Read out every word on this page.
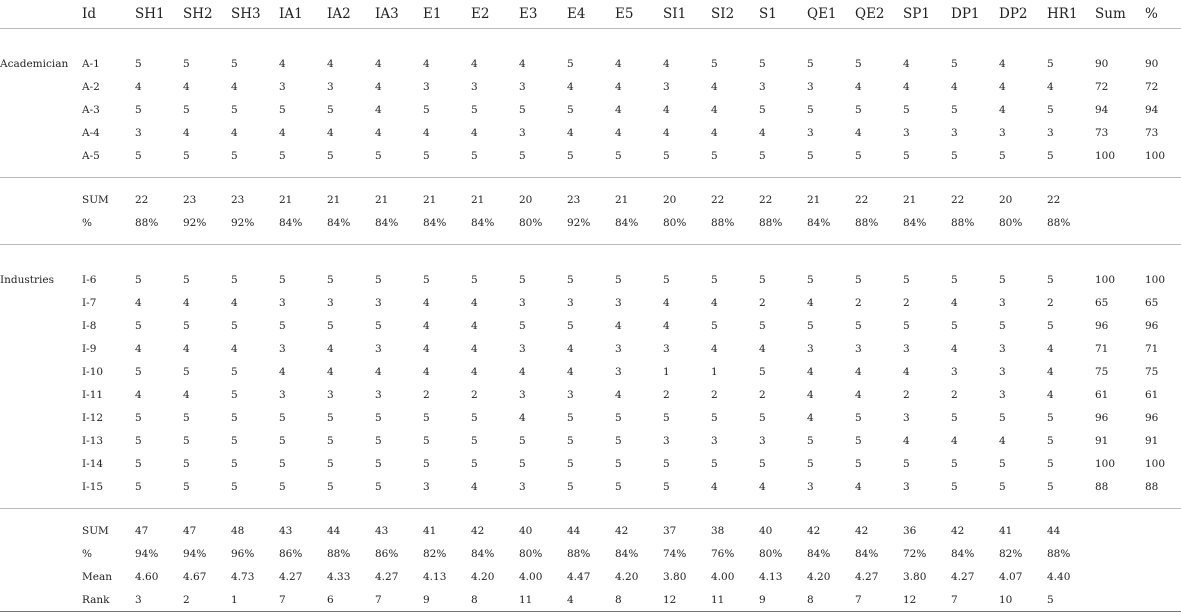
	Id	SH1	SH2	SH3	IA1	IA2	IA3	E1	E2	E3	E4	E5	SI1	SI2	S1	QE1	QE2	SP1	DP1	DP2	HR1	Sum	%

Academician	A-1	5	5	5	4	4	4	4	4	4	5	4	4	5	5	5	5	4	5	4	5	90	90
	A-2	4	4	4	3	3	4	3	3	3	4	4	3	4	3	3	4	4	4	4	4	72	72
	A-3	5	5	5	5	5	4	5	5	5	5	4	4	4	5	5	5	5	5	4	5	94	94
	A-4	3	4	4	4	4	4	4	4	3	4	4	4	4	4	3	4	3	3	3	3	73	73
	A-5	5	5	5	5	5	5	5	5	5	5	5	5	5	5	5	5	5	5	5	5	100	100

	SUM	22	23	23	21	21	21	21	21	20	23	21	20	22	22	21	22	21	22	20	22		
	%	88%	92%	92%	84%	84%	84%	84%	84%	80%	92%	84%	80%	88%	88%	84%	88%	84%	88%	80%	88%		

Industries	I-6	5	5	5	5	5	5	5	5	5	5	5	5	5	5	5	5	5	5	5	5	100	100
	I-7	4	4	4	3	3	3	4	4	3	3	3	4	4	2	4	2	2	4	3	2	65	65
	I-8	5	5	5	5	5	5	4	4	5	5	4	4	5	5	5	5	5	5	5	5	96	96
	I-9	4	4	4	3	4	3	4	4	3	4	3	3	4	4	3	3	3	4	3	4	71	71
	I-10	5	5	5	4	4	4	4	4	4	4	3	1	1	5	4	4	4	3	3	4	75	75
	I-11	4	4	5	3	3	3	2	2	3	3	4	2	2	2	4	4	2	2	3	4	61	61
	I-12	5	5	5	5	5	5	5	5	4	5	5	5	5	5	4	5	3	5	5	5	96	96
	I-13	5	5	5	5	5	5	5	5	5	5	5	3	3	3	5	5	4	4	4	5	91	91
	I-14	5	5	5	5	5	5	5	5	5	5	5	5	5	5	5	5	5	5	5	5	100	100
	I-15	5	5	5	5	5	5	3	4	3	5	5	5	4	4	3	4	3	5	5	5	88	88

	SUM	47	47	48	43	44	43	41	42	40	44	42	37	38	40	42	42	36	42	41	44		
	%	94%	94%	96%	86%	88%	86%	82%	84%	80%	88%	84%	74%	76%	80%	84%	84%	72%	84%	82%	88%		
	Mean	4.60	4.67	4.73	4.27	4.33	4.27	4.13	4.20	4.00	4.47	4.20	3.80	4.00	4.13	4.20	4.27	3.80	4.27	4.07	4.40		
	Rank	3	2	1	7	6	7	9	8	11	4	8	12	11	9	8	7	12	7	10	5		
